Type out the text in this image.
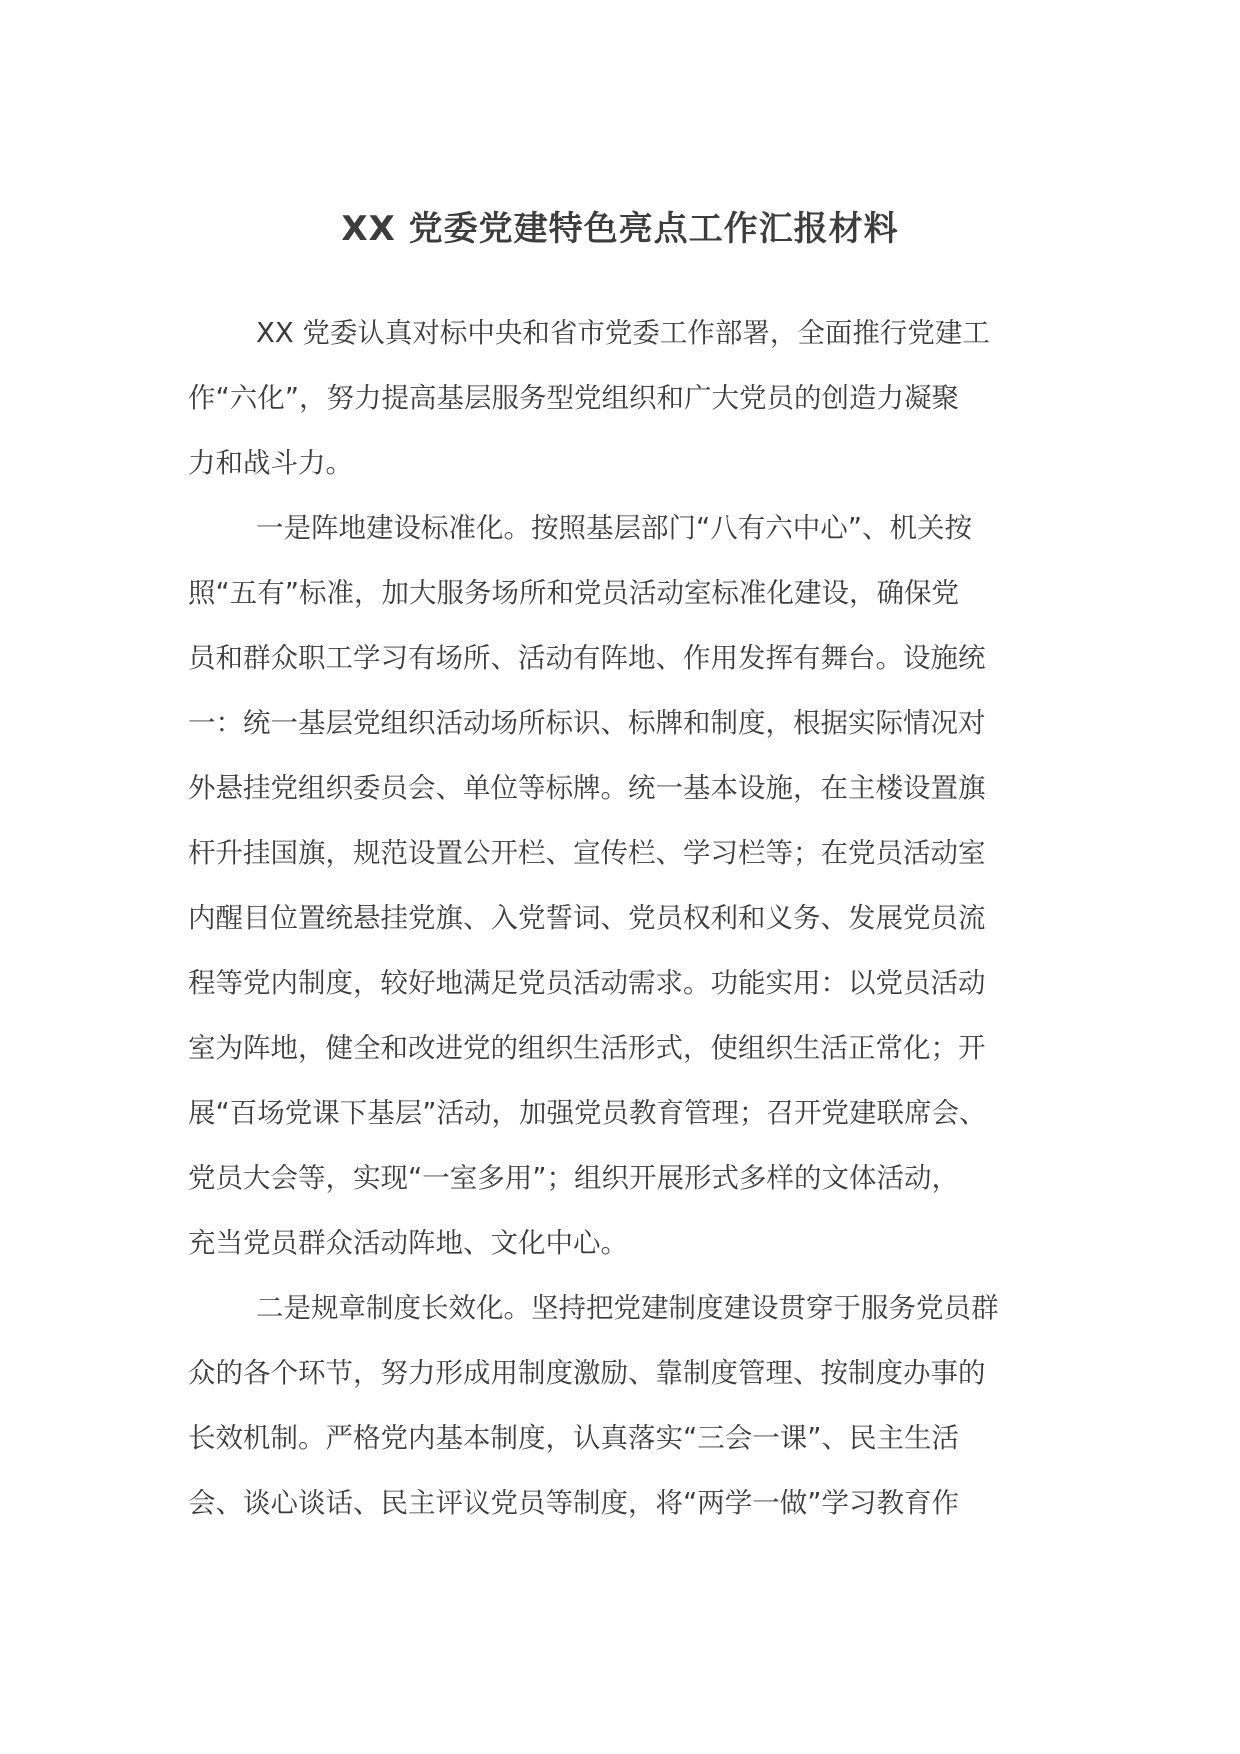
XX 党委党建特色亮点工作汇报材料
XX 党委认真对标中央和省市党委工作部署，全面推行党建工
作“六化”，努力提高基层服务型党组织和广大党员的创造力凝聚
力和战斗力。
一是阵地建设标准化。按照基层部门“八有六中心”、机关按
照“五有”标准，加大服务场所和党员活动室标准化建设，确保党
员和群众职工学习有场所、活动有阵地、作用发挥有舞台。设施统
一：统一基层党组织活动场所标识、标牌和制度，根据实际情况对
外悬挂党组织委员会、单位等标牌。统一基本设施，在主楼设置旗
杆升挂国旗，规范设置公开栏、宣传栏、学习栏等；在党员活动室
内醒目位置统悬挂党旗、入党誓词、党员权利和义务、发展党员流
程等党内制度，较好地满足党员活动需求。功能实用：以党员活动
室为阵地，健全和改进党的组织生活形式，使组织生活正常化；开
展“百场党课下基层”活动，加强党员教育管理；召开党建联席会、
党员大会等，实现“一室多用”；组织开展形式多样的文体活动，
充当党员群众活动阵地、文化中心。
二是规章制度长效化。坚持把党建制度建设贯穿于服务党员群
众的各个环节，努力形成用制度激励、靠制度管理、按制度办事的
长效机制。严格党内基本制度，认真落实“三会一课”、民主生活
会、谈心谈话、民主评议党员等制度，将“两学一做”学习教育作
